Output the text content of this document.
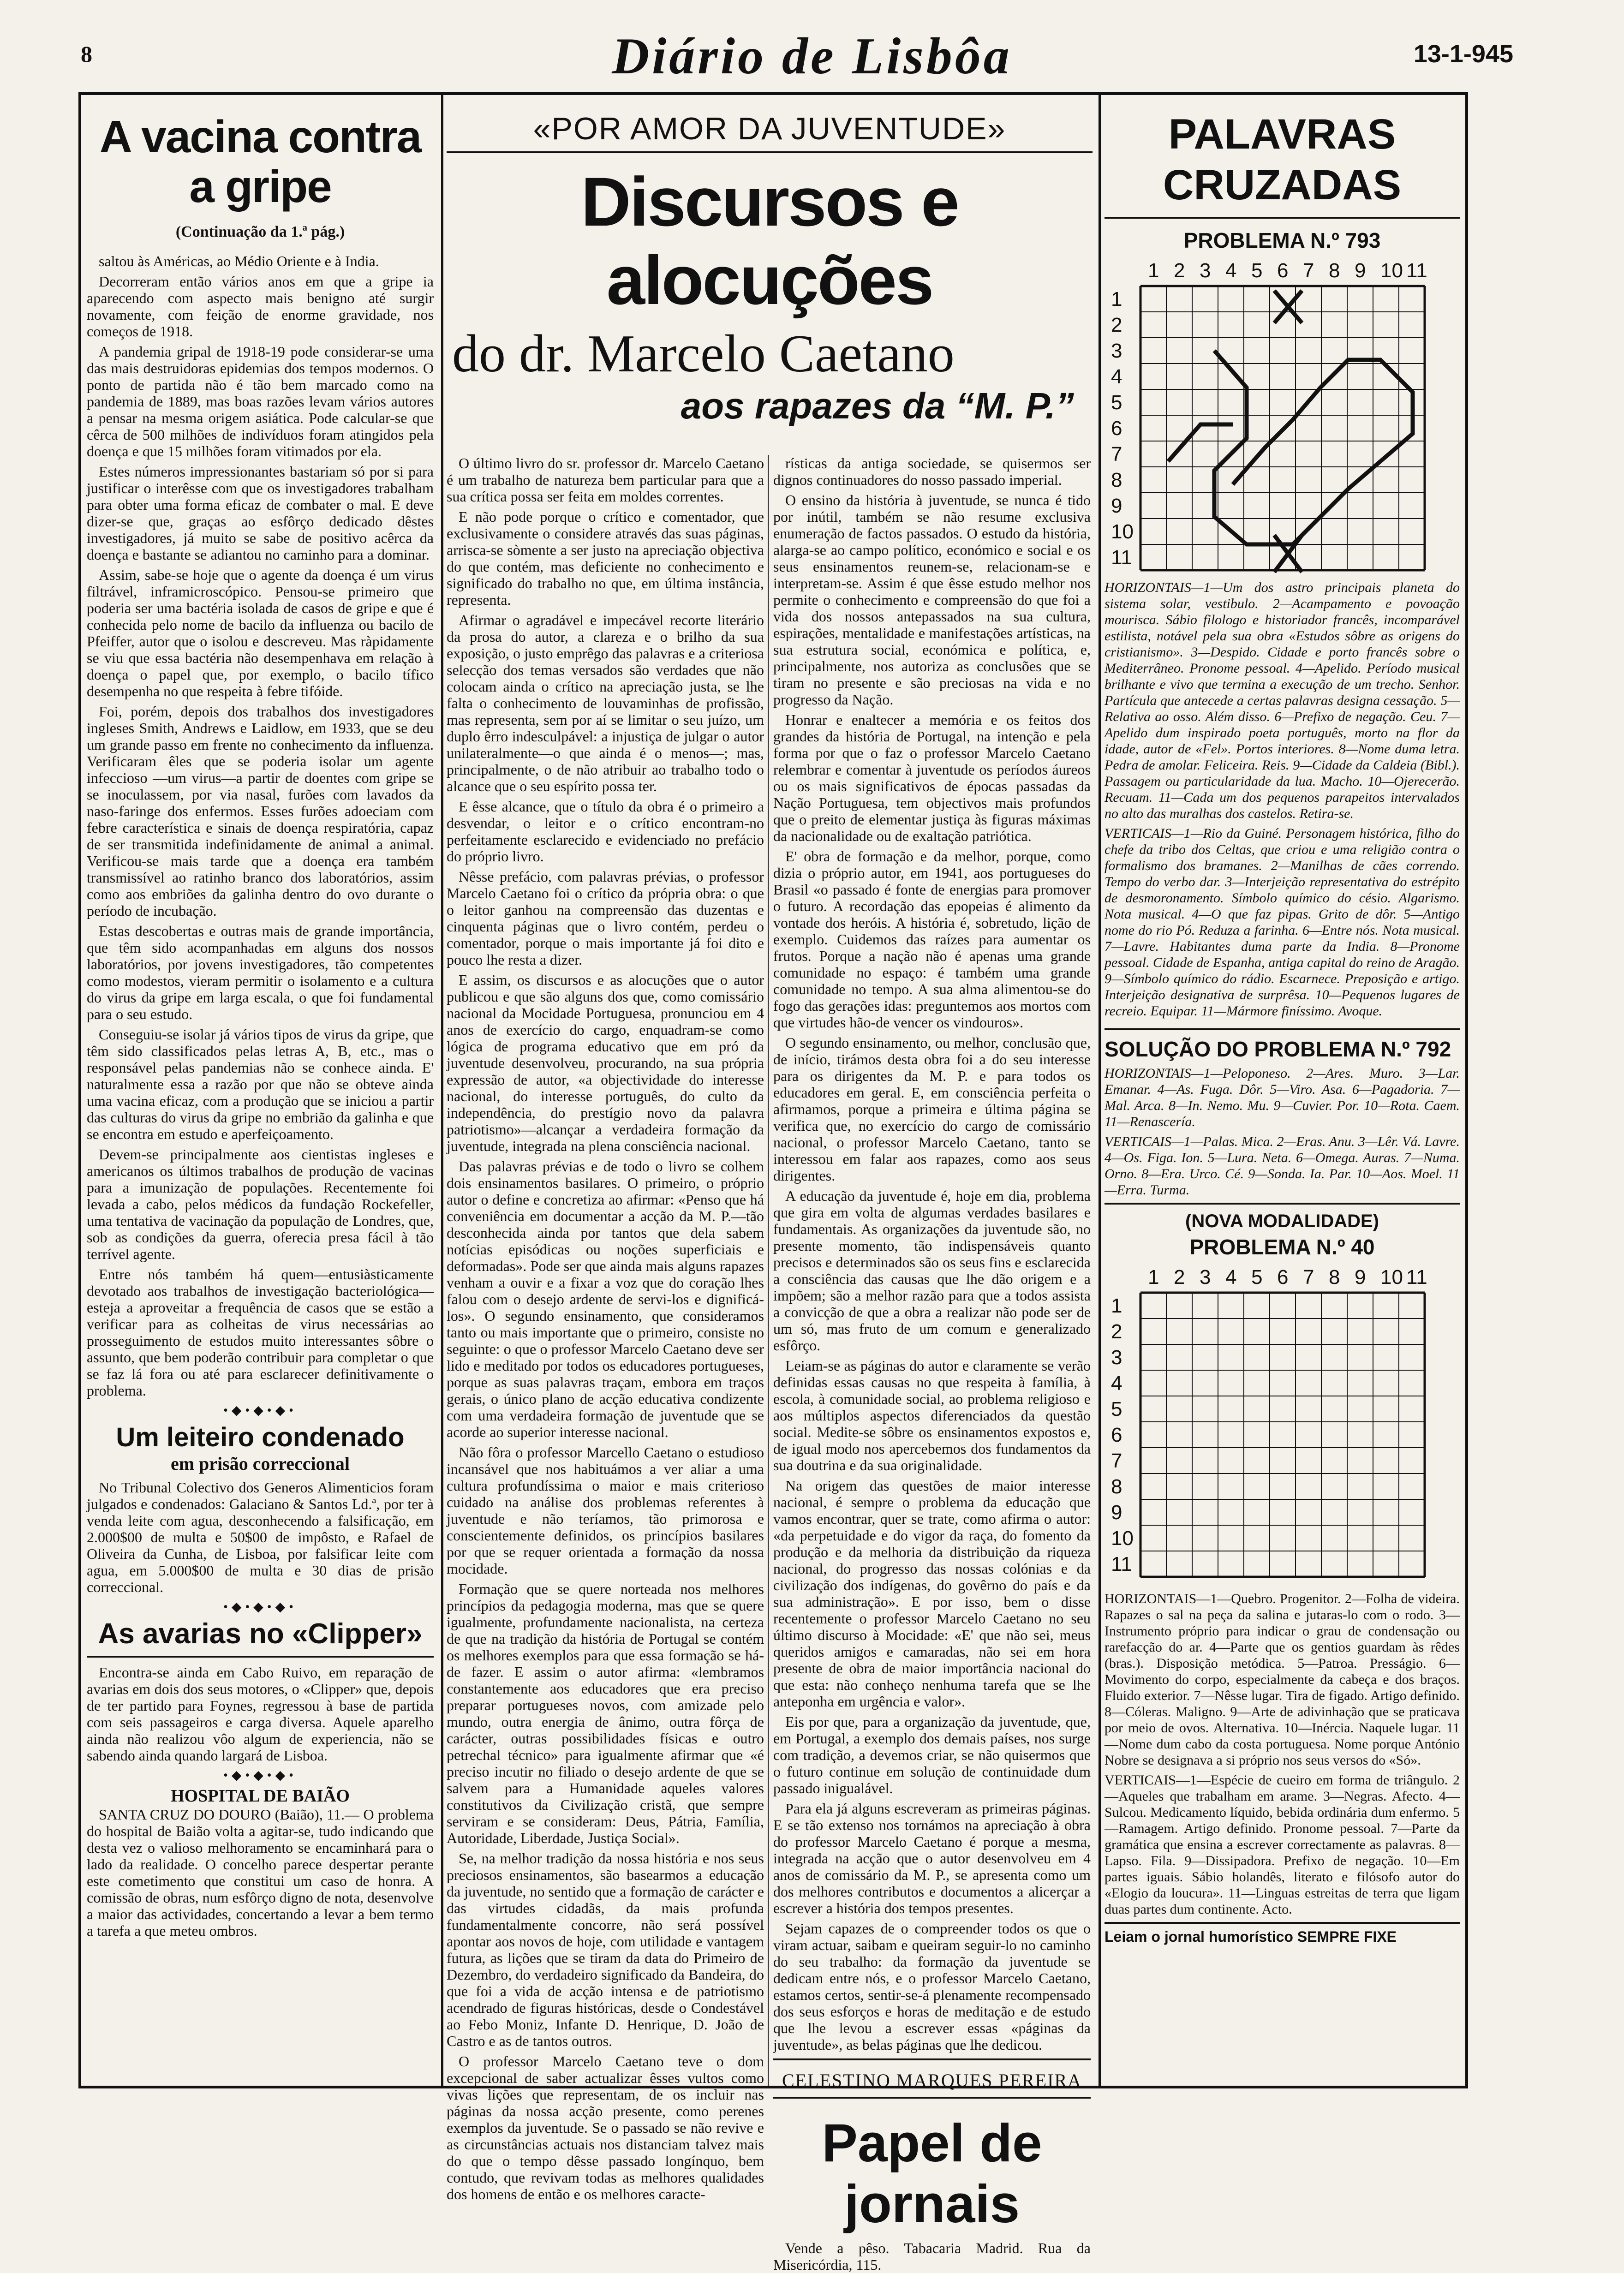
8	Diário de Lisbôa	13-1-945
A vacina contra a gripe
(Continuação da 1.ª pág.)

saltou às Américas, ao Médio Oriente e à India.

Decorreram então vários anos em que a gripe ia aparecendo com aspecto mais benigno até surgir novamente, com feição de enorme gravidade, nos começos de 1918.

A pandemia gripal de 1918-19 pode considerar-se uma das mais destruidoras epidemias dos tempos modernos. O ponto de partida não é tão bem marcado como na pandemia de 1889, mas boas razões levam vários autores a pensar na mesma origem asiática. Pode calcular-se que cêrca de 500 milhões de indivíduos foram atingidos pela doença e que 15 milhões foram vitimados por ela.

Estes números impressionantes bastariam só por si para justificar o interêsse com que os investigadores trabalham para obter uma forma eficaz de combater o mal. E deve dizer-se que, graças ao esfôrço dedicado dêstes investigadores, já muito se sabe de positivo acêrca da doença e bastante se adiantou no caminho para a dominar.

Assim, sabe-se hoje que o agente da doença é um virus filtrável, inframicroscópico. Pensou-se primeiro que poderia ser uma bactéria isolada de casos de gripe e que é conhecida pelo nome de bacilo da influenza ou bacilo de Pfeiffer, autor que o isolou e descreveu. Mas ràpidamente se viu que essa bactéria não desempenhava em relação à doença o papel que, por exemplo, o bacilo tífico desempenha no que respeita à febre tifóide.

Foi, porém, depois dos trabalhos dos investigadores ingleses Smith, Andrews e Laidlow, em 1933, que se deu um grande passo em frente no conhecimento da influenza. Verificaram êles que se poderia isolar um agente infeccioso —um virus—a partir de doentes com gripe se se inoculassem, por via nasal, furões com lavados da naso-faringe dos enfermos. Esses furões adoeciam com febre característica e sinais de doença respiratória, capaz de ser transmitida indefinidamente de animal a animal. Verificou-se mais tarde que a doença era também transmissível ao ratinho branco dos laboratórios, assim como aos embriões da galinha dentro do ovo durante o período de incubação.

Estas descobertas e outras mais de grande importância, que têm sido acompanhadas em alguns dos nossos laboratórios, por jovens investigadores, tão competentes como modestos, vieram permitir o isolamento e a cultura do virus da gripe em larga escala, o que foi fundamental para o seu estudo.

Conseguiu-se isolar já vários tipos de virus da gripe, que têm sido classificados pelas letras A, B, etc., mas o responsável pelas pandemias não se conhece ainda. E' naturalmente essa a razão por que não se obteve ainda uma vacina eficaz, com a produção que se iniciou a partir das culturas do virus da gripe no embrião da galinha e que se encontra em estudo e aperfeiçoamento.

Devem-se principalmente aos cientistas ingleses e americanos os últimos trabalhos de produção de vacinas para a imunização de populações. Recentemente foi levada a cabo, pelos médicos da fundação Rockefeller, uma tentativa de vacinação da população de Londres, que, sob as condições da guerra, oferecia presa fácil à tão terrível agente.

Entre nós também há quem—entusiàsticamente devotado aos trabalhos de investigação bacteriológica—esteja a aproveitar a frequência de casos que se estão a verificar para as colheitas de virus necessárias ao prosseguimento de estudos muito interessantes sôbre o assunto, que bem poderão contribuir para completar o que se faz lá fora ou até para esclarecer definitivamente o problema.

•◆•◆•◆•
Um leiteiro condenado
em prisão correccional

No Tribunal Colectivo dos Generos Alimenticios foram julgados e condenados: Galaciano & Santos Ld.ª, por ter à venda leite com agua, desconhecendo a falsificação, em 2.000$00 de multa e 50$00 de impôsto, e Rafael de Oliveira da Cunha, de Lisboa, por falsificar leite com agua, em 5.000$00 de multa e 30 dias de prisão correccional.

•◆•◆•◆•
As avarias no «Clipper»

Encontra-se ainda em Cabo Ruivo, em reparação de avarias em dois dos seus motores, o «Clipper» que, depois de ter partido para Foynes, regressou à base de partida com seis passageiros e carga diversa. Aquele aparelho ainda não realizou vôo algum de experiencia, não se sabendo ainda quando largará de Lisboa.

•◆•◆•◆•
HOSPITAL DE BAIÃO

SANTA CRUZ DO DOURO (Baião), 11.— O problema do hospital de Baião volta a agitar-se, tudo indicando que desta vez o valioso melhoramento se encaminhará para o lado da realidade. O concelho parece despertar perante este cometimento que constitui um caso de honra. A comissão de obras, num esfôrço digno de nota, desenvolve a maior das actividades, concertando a levar a bem termo a tarefa a que meteu ombros.

«POR AMOR DA JUVENTUDE»
Discursos e alocuções
do dr. Marcelo Caetano
aos rapazes da “M. P.”

O último livro do sr. professor dr. Marcelo Caetano é um trabalho de natureza bem particular para que a sua crítica possa ser feita em moldes correntes.

E não pode porque o crítico e comentador, que exclusivamente o considere através das suas páginas, arrisca-se sòmente a ser justo na apreciação objectiva do que contém, mas deficiente no conhecimento e significado do trabalho no que, em última instância, representa.

Afirmar o agradável e impecável recorte literário da prosa do autor, a clareza e o brilho da sua exposição, o justo emprêgo das palavras e a criteriosa selecção dos temas versados são verdades que não colocam ainda o crítico na apreciação justa, se lhe falta o conhecimento de louvaminhas de profissão, mas representa, sem por aí se limitar o seu juízo, um duplo êrro indesculpável: a injustiça de julgar o autor unilateralmente—o que ainda é o menos—; mas, principalmente, o de não atribuir ao trabalho todo o alcance que o seu espírito possa ter.

E êsse alcance, que o título da obra é o primeiro a desvendar, o leitor e o crítico encontram-no perfeitamente esclarecido e evidenciado no prefácio do próprio livro.

Nêsse prefácio, com palavras prévias, o professor Marcelo Caetano foi o crítico da própria obra: o que o leitor ganhou na compreensão das duzentas e cinquenta páginas que o livro contém, perdeu o comentador, porque o mais importante já foi dito e pouco lhe resta a dizer.

E assim, os discursos e as alocuções que o autor publicou e que são alguns dos que, como comissário nacional da Mocidade Portuguesa, pronunciou em 4 anos de exercício do cargo, enquadram-se como lógica de programa educativo que em pró da juventude desenvolveu, procurando, na sua própria expressão de autor, «a objectividade do interesse nacional, do interesse português, do culto da independência, do prestígio novo da palavra patriotismo»—alcançar a verdadeira formação da juventude, integrada na plena consciência nacional.

Das palavras prévias e de todo o livro se colhem dois ensinamentos basilares. O primeiro, o próprio autor o define e concretiza ao afirmar: «Penso que há conveniência em documentar a acção da M. P.—tão desconhecida ainda por tantos que dela sabem notícias episódicas ou noções superficiais e deformadas». Pode ser que ainda mais alguns rapazes venham a ouvir e a fixar a voz que do coração lhes falou com o desejo ardente de servi-los e dignificá-los». O segundo ensinamento, que consideramos tanto ou mais importante que o primeiro, consiste no seguinte: o que o professor Marcelo Caetano deve ser lido e meditado por todos os educadores portugueses, porque as suas palavras traçam, embora em traços gerais, o único plano de acção educativa condizente com uma verdadeira formação de juventude que se acorde ao superior interesse nacional.

Não fôra o professor Marcello Caetano o estudioso incansável que nos habituámos a ver aliar a uma cultura profundíssima o maior e mais criterioso cuidado na análise dos problemas referentes à juventude e não teríamos, tão primorosa e conscientemente definidos, os princípios basilares por que se requer orientada a formação da nossa mocidade.

Formação que se quere norteada nos melhores princípios da pedagogia moderna, mas que se quere igualmente, profundamente nacionalista, na certeza de que na tradição da história de Portugal se contém os melhores exemplos para que essa formação se há-de fazer. E assim o autor afirma: «lembramos constantemente aos educadores que era preciso preparar portugueses novos, com amizade pelo mundo, outra energia de ânimo, outra fôrça de carácter, outras possibilidades físicas e outro petrechal técnico» para igualmente afirmar que «é preciso incutir no filiado o desejo ardente de que se salvem para a Humanidade aqueles valores constitutivos da Civilização cristã, que sempre serviram e se consideram: Deus, Pátria, Família, Autoridade, Liberdade, Justiça Social».

Se, na melhor tradição da nossa história e nos seus preciosos ensinamentos, são basearmos a educação da juventude, no sentido que a formação de carácter e das virtudes cidadãs, da mais profunda fundamentalmente concorre, não será possível apontar aos novos de hoje, com utilidade e vantagem futura, as lições que se tiram da data do Primeiro de Dezembro, do verdadeiro significado da Bandeira, do que foi a vida de acção intensa e de patriotismo acendrado de figuras históricas, desde o Condestável ao Febo Moniz, Infante D. Henrique, D. João de Castro e as de tantos outros.

O professor Marcelo Caetano teve o dom excepcional de saber actualizar êsses vultos como vivas lições que representam, de os incluir nas páginas da nossa acção presente, como perenes exemplos da juventude. Se o passado se não revive e as circunstâncias actuais nos distanciam talvez mais do que o tempo dêsse passado longínquo, bem contudo, que revivam todas as melhores qualidades dos homens de então e os melhores caracte-

rísticas da antiga sociedade, se quisermos ser dignos continuadores do nosso passado imperial.

O ensino da história à juventude, se nunca é tido por inútil, também se não resume exclusiva enumeração de factos passados. O estudo da história, alarga-se ao campo político, económico e social e os seus ensinamentos reunem-se, relacionam-se e interpretam-se. Assim é que êsse estudo melhor nos permite o conhecimento e compreensão do que foi a vida dos nossos antepassados na sua cultura, espirações, mentalidade e manifestações artísticas, na sua estrutura social, económica e política, e, principalmente, nos autoriza as conclusões que se tiram no presente e são preciosas na vida e no progresso da Nação.

Honrar e enaltecer a memória e os feitos dos grandes da história de Portugal, na intenção e pela forma por que o faz o professor Marcelo Caetano relembrar e comentar à juventude os períodos áureos ou os mais significativos de épocas passadas da Nação Portuguesa, tem objectivos mais profundos que o preito de elementar justiça às figuras máximas da nacionalidade ou de exaltação patriótica.

E' obra de formação e da melhor, porque, como dizia o próprio autor, em 1941, aos portugueses do Brasil «o passado é fonte de energias para promover o futuro. A recordação das epopeias é alimento da vontade dos heróis. A história é, sobretudo, lição de exemplo. Cuidemos das raízes para aumentar os frutos. Porque a nação não é apenas uma grande comunidade no espaço: é também uma grande comunidade no tempo. A sua alma alimentou-se do fogo das gerações idas: preguntemos aos mortos com que virtudes hão-de vencer os vindouros».

O segundo ensinamento, ou melhor, conclusão que, de início, tirámos desta obra foi a do seu interesse para os dirigentes da M. P. e para todos os educadores em geral. E, em consciência perfeita o afirmamos, porque a primeira e última página se verifica que, no exercício do cargo de comissário nacional, o professor Marcelo Caetano, tanto se interessou em falar aos rapazes, como aos seus dirigentes.

A educação da juventude é, hoje em dia, problema que gira em volta de algumas verdades basilares e fundamentais. As organizações da juventude são, no presente momento, tão indispensáveis quanto precisos e determinados são os seus fins e esclarecida a consciência das causas que lhe dão origem e a impõem; são a melhor razão para que a todos assista a convicção de que a obra a realizar não pode ser de um só, mas fruto de um comum e generalizado esfôrço.

Leiam-se as páginas do autor e claramente se verão definidas essas causas no que respeita à família, à escola, à comunidade social, ao problema religioso e aos múltiplos aspectos diferenciados da questão social. Medite-se sôbre os ensinamentos expostos e, de igual modo nos apercebemos dos fundamentos da sua doutrina e da sua originalidade.

Na origem das questões de maior interesse nacional, é sempre o problema da educação que vamos encontrar, quer se trate, como afirma o autor: «da perpetuidade e do vigor da raça, do fomento da produção e da melhoria da distribuição da riqueza nacional, do progresso das nossas colónias e da civilização dos indígenas, do govêrno do país e da sua administração». E por isso, bem o disse recentemente o professor Marcelo Caetano no seu último discurso à Mocidade: «E' que não sei, meus queridos amigos e camaradas, não sei em hora presente de obra de maior importância nacional do que esta: não conheço nenhuma tarefa que se lhe anteponha em urgência e valor».

Eis por que, para a organização da juventude, que, em Portugal, a exemplo dos demais países, nos surge com tradição, a devemos criar, se não quisermos que o futuro continue em solução de continuidade dum passado inigualável.

Para ela já alguns escreveram as primeiras páginas. E se tão extenso nos tornámos na apreciação à obra do professor Marcelo Caetano é porque a mesma, integrada na acção que o autor desenvolveu em 4 anos de comissário da M. P., se apresenta como um dos melhores contributos e documentos a alicerçar a escrever a história dos tempos presentes.

Sejam capazes de o compreender todos os que o viram actuar, saibam e queiram seguir-lo no caminho do seu trabalho: da formação da juventude se dedicam entre nós, e o professor Marcelo Caetano, estamos certos, sentir-se-á plenamente recompensado dos seus esforços e horas de meditação e de estudo que lhe levou a escrever essas «páginas da juventude», as belas páginas que lhe dedicou.

CELESTINO MARQUES PEREIRA
Papel de jornais

Vende a pêso. Tabacaria Madrid. Rua da Misericórdia, 115.

PALAVRAS CRUZADAS
PROBLEMA N.º 793
1 2 3 4 5 6 7 8 9 10 11
1
2
3
4
5
6
7
8
9
10
11

HORIZONTAIS—1—Um dos astro principais planeta do sistema solar, vestibulo. 2—Acampamento e povoação mourisca. Sábio filologo e historiador francês, incomparável estilista, notável pela sua obra «Estudos sôbre as origens do cristianismo». 3—Despido. Cidade e porto francês sobre o Mediterrâneo. Pronome pessoal. 4—Apelido. Período musical brilhante e vivo que termina a execução de um trecho. Senhor. Partícula que antecede a certas palavras designa cessação. 5—Relativa ao osso. Além disso. 6—Prefixo de negação. Ceu. 7—Apelido dum inspirado poeta português, morto na flor da idade, autor de «Fel». Portos interiores. 8—Nome duma letra. Pedra de amolar. Feliceira. Reis. 9—Cidade da Caldeia (Bibl.). Passagem ou particularidade da lua. Macho. 10—Ojerecerão. Recuam. 11—Cada um dos pequenos parapeitos intervalados no alto das muralhas dos castelos. Retira-se.

VERTICAIS—1—Rio da Guiné. Personagem histórica, filho do chefe da tribo dos Celtas, que criou e uma religião contra o formalismo dos bramanes. 2—Manilhas de cães correndo. Tempo do verbo dar. 3—Interjeição representativa do estrépito de desmoronamento. Símbolo químico do césio. Algarismo. Nota musical. 4—O que faz pipas. Grito de dôr. 5—Antigo nome do rio Pó. Reduza a farinha. 6—Entre nós. Nota musical. 7—Lavre. Habitantes duma parte da India. 8—Pronome pessoal. Cidade de Espanha, antiga capital do reino de Aragão. 9—Símbolo químico do rádio. Escarnece. Preposição e artigo. Interjeição designativa de surprêsa. 10—Pequenos lugares de recreio. Equipar. 11—Mármore finíssimo. Avoque.

SOLUÇÃO DO PROBLEMA N.º 792

HORIZONTAIS—1—Peloponeso. 2—Ares. Muro. 3—Lar. Emanar. 4—As. Fuga. Dôr. 5—Viro. Asa. 6—Pagadoria. 7—Mal. Arca. 8—In. Nemo. Mu. 9—Cuvier. Por. 10—Rota. Caem. 11—Renascería.

VERTICAIS—1—Palas. Mica. 2—Eras. Anu. 3—Lêr. Vá. Lavre. 4—Os. Figa. Ion. 5—Lura. Neta. 6—Omega. Auras. 7—Numa. Orno. 8—Era. Urco. Cé. 9—Sonda. Ia. Par. 10—Aos. Moel. 11—Erra. Turma.

(NOVA MODALIDADE)
PROBLEMA N.º 40
1 2 3 4 5 6 7 8 9 10 11
1
2
3
4
5
6
7
8
9
10
11

HORIZONTAIS—1—Quebro. Progenitor. 2—Folha de videira. Rapazes o sal na peça da salina e jutaras-lo com o rodo. 3—Instrumento próprio para indicar o grau de condensação ou rarefacção do ar. 4—Parte que os gentios guardam às rêdes (bras.). Disposição metódica. 5—Patroa. Presságio. 6—Movimento do corpo, especialmente da cabeça e dos braços. Fluido exterior. 7—Nêsse lugar. Tira de figado. Artigo definido. 8—Cóleras. Maligno. 9—Arte de adivinhação que se praticava por meio de ovos. Alternativa. 10—Inércia. Naquele lugar. 11—Nome dum cabo da costa portuguesa. Nome porque António Nobre se designava a si próprio nos seus versos do «Só».

VERTICAIS—1—Espécie de cueiro em forma de triângulo. 2—Aqueles que trabalham em arame. 3—Negras. Afecto. 4—Sulcou. Medicamento líquido, bebida ordinária dum enfermo. 5—Ramagem. Artigo definido. Pronome pessoal. 7—Parte da gramática que ensina a escrever correctamente as palavras. 8—Lapso. Fila. 9—Dissipadora. Prefixo de negação. 10—Em partes iguais. Sábio holandês, literato e filósofo autor do «Elogio da loucura». 11—Linguas estreitas de terra que ligam duas partes dum continente. Acto.

Leiam o jornal humorístico SEMPRE FIXE
